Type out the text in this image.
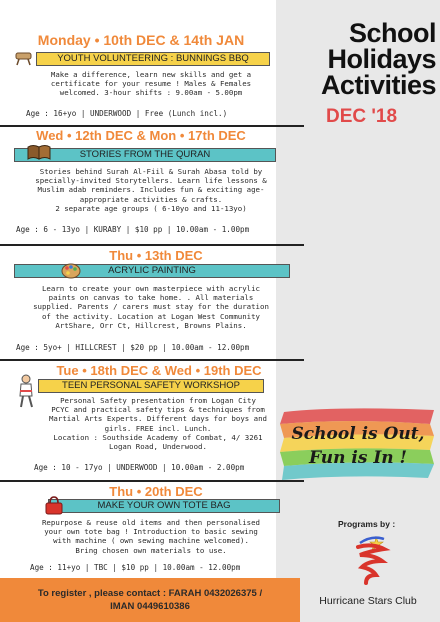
Monday • 10th DEC & 14th JAN
YOUTH VOLUNTEERING : BUNNINGS BBQ
Make a difference, learn new skills and get a
certificate for your resume ! Males & Females
welcomed. 3-hour shifts : 9.00am - 5.00pm
Age : 16+yo | UNDERWOOD | Free (Lunch incl.)
Wed • 12th DEC & Mon • 17th DEC
STORIES FROM THE QURAN
Stories behind Surah Al-Fiil & Surah Abasa told by
specially-invited Storytellers. Learn life lessons &
Muslim adab reminders. Includes fun & exciting age-
appropriate activities & crafts.
2 separate age groups ( 6-10yo and 11-13yo)
Age : 6 - 13yo | KURABY | $10 pp | 10.00am - 1.00pm
Thu • 13th DEC
ACRYLIC PAINTING
Learn to create your own masterpiece with acrylic
paints on canvas to take home. . All materials
supplied. Parents / carers must stay for the duration
of the activity. Location at Logan West Community
ArtShare, Orr Ct, Hillcrest, Browns Plains.
Age : 5yo+ | HILLCREST | $20 pp | 10.00am - 12.00pm
Tue • 18th DEC & Wed • 19th DEC
TEEN PERSONAL SAFETY WORKSHOP
Personal Safety presentation from Logan City
PCYC and practical safety tips & techniques from
Martial Arts Experts. Different days for boys and
girls. FREE incl. Lunch.
Location : Southside Academy of Combat, 4/ 3261
Logan Road, Underwood.
Age : 10 - 17yo | UNDERWOOD | 10.00am - 2.00pm
Thu • 20th DEC
MAKE YOUR OWN TOTE BAG
Repurpose & reuse old items and then personalised
your own tote bag ! Introduction to basic sewing
with machine ( own sewing machine welcomed).
Bring chosen own materials to use.
Age : 11+yo | TBC | $10 pp | 10.00am - 12.00pm
To register , please contact : FARAH 0432026375 /
IMAN 0449610386
School
Holidays
Activities
DEC '18
School is Out,
Fun is In !
Programs by :
Hurricane Stars Club
